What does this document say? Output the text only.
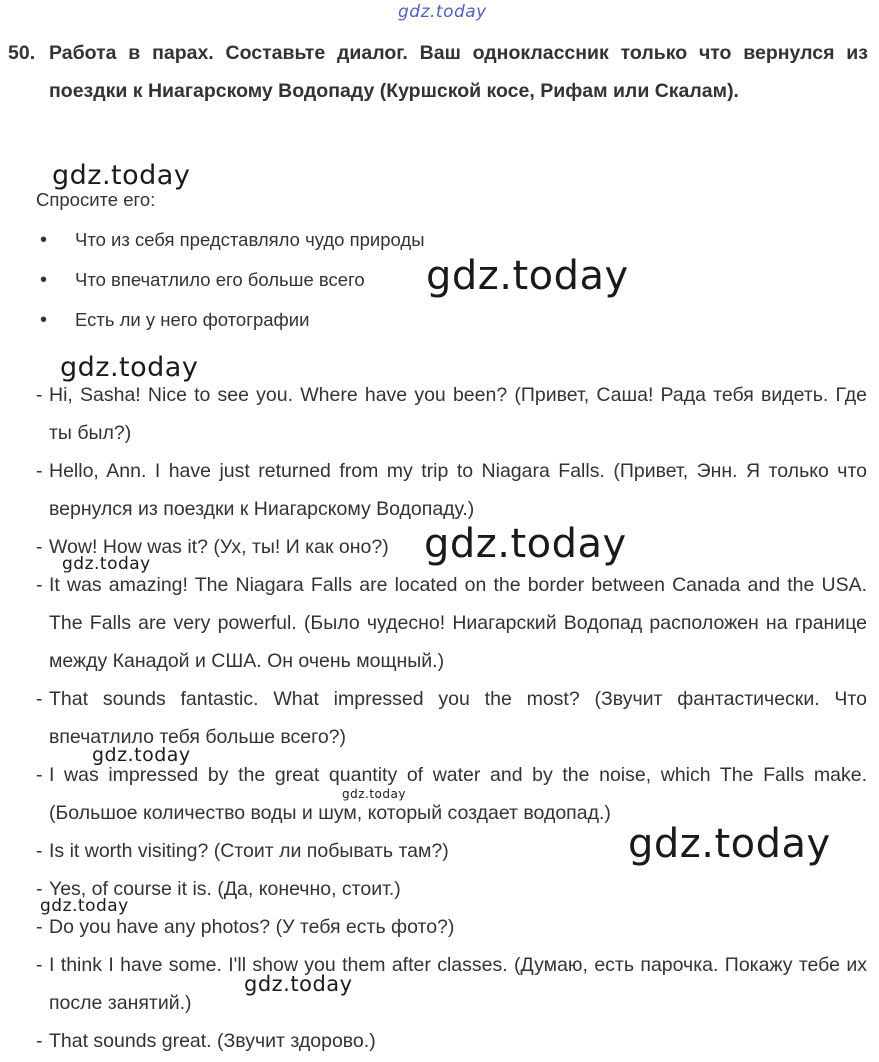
gdz.today
50. Работа в парах. Составьте диалог. Ваш одноклассник только что вернулся из поездки к Ниагарскому Водопаду (Куршской косе, Рифам или Скалам).
Спросите его:
• Что из себя представляло чудо природы
• Что впечатлило его больше всего
• Есть ли у него фотографии
- Hi, Sasha! Nice to see you. Where have you been? (Привет, Саша! Рада тебя видеть. Где ты был?)
- Hello, Ann. I have just returned from my trip to Niagara Falls. (Привет, Энн. Я только что вернулся из поездки к Ниагарскому Водопаду.)
- Wow! How was it? (Ух, ты! И как оно?)
- It was amazing! The Niagara Falls are located on the border between Canada and the USA. The Falls are very powerful. (Было чудесно! Ниагарский Водопад расположен на границе между Канадой и США. Он очень мощный.)
- That sounds fantastic. What impressed you the most? (Звучит фантастически. Что впечатлило тебя больше всего?)
- I was impressed by the great quantity of water and by the noise, which The Falls make. (Большое количество воды и шум, который создает водопад.)
- Is it worth visiting? (Стоит ли побывать там?)
- Yes, of course it is. (Да, конечно, стоит.)
- Do you have any photos? (У тебя есть фото?)
- I think I have some. I'll show you them after classes. (Думаю, есть парочка. Покажу тебе их после занятий.)
- That sounds great. (Звучит здорово.)
gdz.today
gdz.today
gdz.today
gdz.today
gdz.today
gdz.today
gdz.today
gdz.today
gdz.today
gdz.today
